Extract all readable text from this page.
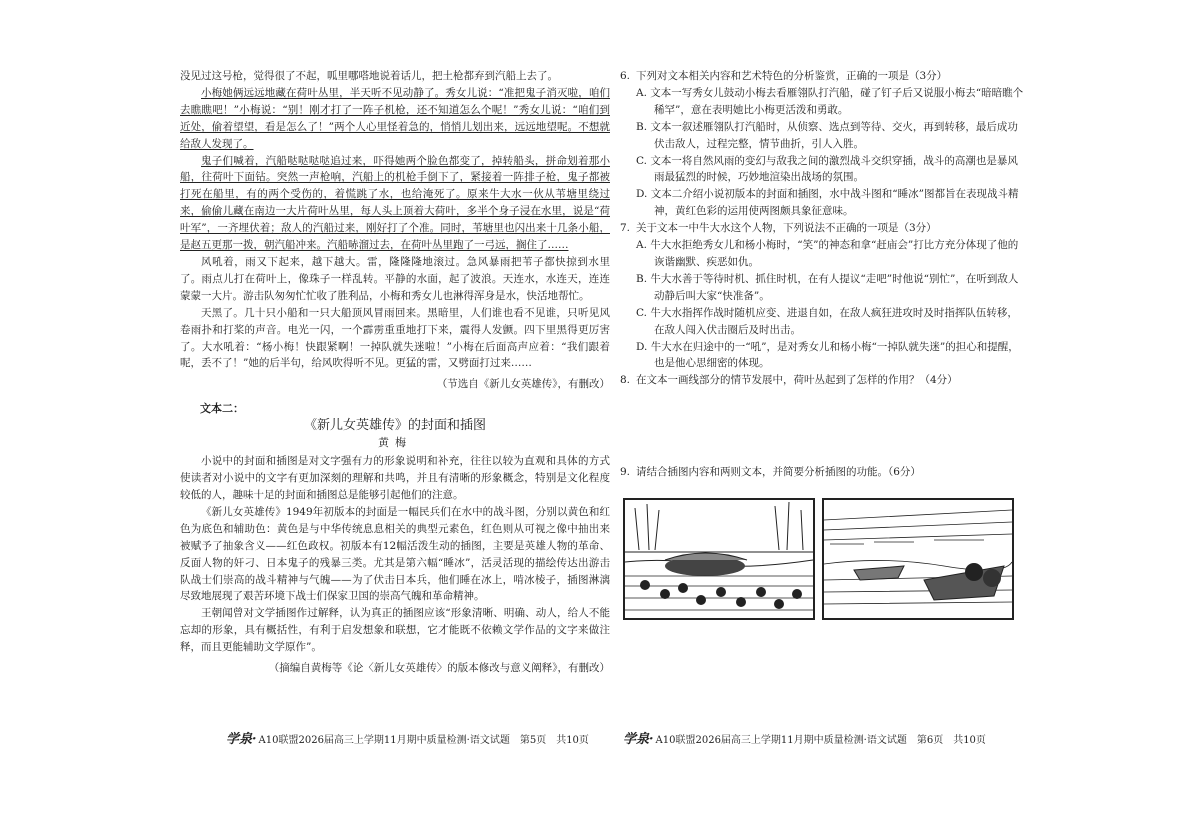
没见过这号枪，觉得很了不起，呱里哪嗒地说着话儿，把土枪都弃到汽船上去了。

小梅她俩远远地藏在荷叶丛里，半天听不见动静了。秀女儿说：“准把鬼子消灭啦，咱们去瞧瞧吧！”小梅说：“别！刚才打了一阵子机枪，还不知道怎么个呢！”秀女儿说：“咱们到近处，偷着望望，看是怎么了！”两个人心里怪着急的，悄悄儿划出来，远远地望呢。不想就给敌人发现了。

鬼子们喊着，汽船哒哒哒哒追过来，吓得她两个脸色都变了，掉转船头，拼命划着那小船，往荷叶下面钻。突然一声枪响，汽船上的机枪手倒下了，紧接着一阵排子枪，鬼子都被打死在船里，有的两个受伤的，着慌跳了水，也给淹死了。原来牛大水一伙从苇塘里绕过来，偷偷儿藏在南边一大片荷叶丛里，每人头上顶着大荷叶，多半个身子浸在水里，说是“荷叶军”，一齐埋伏着；敌人的汽船过来，刚好打了个准。同时，苇塘里也闪出来十几条小船，是赵五更那一拨，朝汽船冲来。汽船哧溜过去，在荷叶丛里跑了一弓远，搁住了……

风吼着，雨又下起来，越下越大。雷，隆隆隆地滚过。急风暴雨把苇子都快掠到水里了。雨点儿打在荷叶上，像珠子一样乱转。平静的水面，起了波浪。天连水，水连天，连连蒙蒙一大片。游击队匆匆忙忙收了胜利品，小梅和秀女儿也淋得浑身是水，快活地帮忙。

天黑了。几十只小船和一只大船顶风冒雨回来。黑暗里，人们谁也看不见谁，只听见风卷雨扑和打桨的声音。电光一闪，一个霹雳重重地打下来，震得人发颤。四下里黑得更厉害了。大水吼着：“杨小梅！快跟紧啊！一掉队就失迷啦！”小梅在后面高声应着：“我们跟着呢，丢不了！”她的后半句，给风吹得听不见。更猛的雷，又劈面打过来……

（节选自《新儿女英雄传》，有删改）

文本二：

《新儿女英雄传》的封面和插图

黄梅

小说中的封面和插图是对文字强有力的形象说明和补充，往往以较为直观和具体的方式使读者对小说中的文字有更加深刻的理解和共鸣，并且有清晰的形象概念，特别是文化程度较低的人，趣味十足的封面和插图总是能够引起他们的注意。

《新儿女英雄传》1949年初版本的封面是一幅民兵们在水中的战斗图，分别以黄色和红色为底色和辅助色：黄色是与中华传统息息相关的典型元素色，红色则从可视之像中抽出来被赋予了抽象含义——红色政权。初版本有12幅活泼生动的插图，主要是英雄人物的革命、反面人物的奸刁、日本鬼子的残暴三类。尤其是第六幅“睡冰”，活灵活现的描绘传达出游击队战士们崇高的战斗精神与气魄——为了伏击日本兵，他们睡在冰上，啃冰棱子，插图淋漓尽致地展现了艰苦环境下战士们保家卫国的崇高气魄和革命精神。

王朝闻曾对文学插图作过解释，认为真正的插图应该“形象清晰、明确、动人，给人不能忘却的形象，具有概括性，有利于启发想象和联想，它才能既不依赖文学作品的文字来做注释，而且更能辅助文学原作”。

（摘编自黄梅等《论〈新儿女英雄传〉的版本修改与意义阐释》，有删改）

6. 下列对文本相关内容和艺术特色的分析鉴赏，正确的一项是（3分）

A. 文本一写秀女儿鼓动小梅去看雁翎队打汽船，碰了钉子后又说服小梅去“暗暗瞧个稀罕”，意在表明她比小梅更活泼和勇敢。

B. 文本一叙述雁翎队打汽船时，从侦察、选点到等待、交火，再到转移，最后成功伏击敌人，过程完整，情节曲折，引人入胜。

C. 文本一将自然风雨的变幻与敌我之间的激烈战斗交织穿插，战斗的高潮也是暴风雨最猛烈的时候，巧妙地渲染出战场的氛围。

D. 文本二介绍小说初版本的封面和插图，水中战斗图和“睡冰”图都旨在表现战斗精神，黄红色彩的运用使两图颇具象征意味。

7. 关于文本一中牛大水这个人物，下列说法不正确的一项是（3分）

A. 牛大水拒绝秀女儿和杨小梅时，“笑”的神态和拿“赶庙会”打比方充分体现了他的诙谐幽默、疾恶如仇。

B. 牛大水善于等待时机、抓住时机，在有人提议“走吧”时他说“别忙”，在听到敌人动静后叫大家“快准备”。

C. 牛大水指挥作战时随机应变、进退自如，在敌人疯狂进攻时及时指挥队伍转移，在敌人闯入伏击圈后及时出击。

D. 牛大水在归途中的一“吼”，是对秀女儿和杨小梅“一掉队就失迷”的担心和提醒，也是他心思细密的体现。

8. 在文本一画线部分的情节发展中，荷叶丛起到了怎样的作用？（4分）

9. 请结合插图内容和两则文本，并简要分析插图的功能。（6分）

学泉· A10联盟2026届高三上学期11月期中质量检测·语文试题　第5页　共10页	学泉· A10联盟2026届高三上学期11月期中质量检测·语文试题　第6页　共10页
